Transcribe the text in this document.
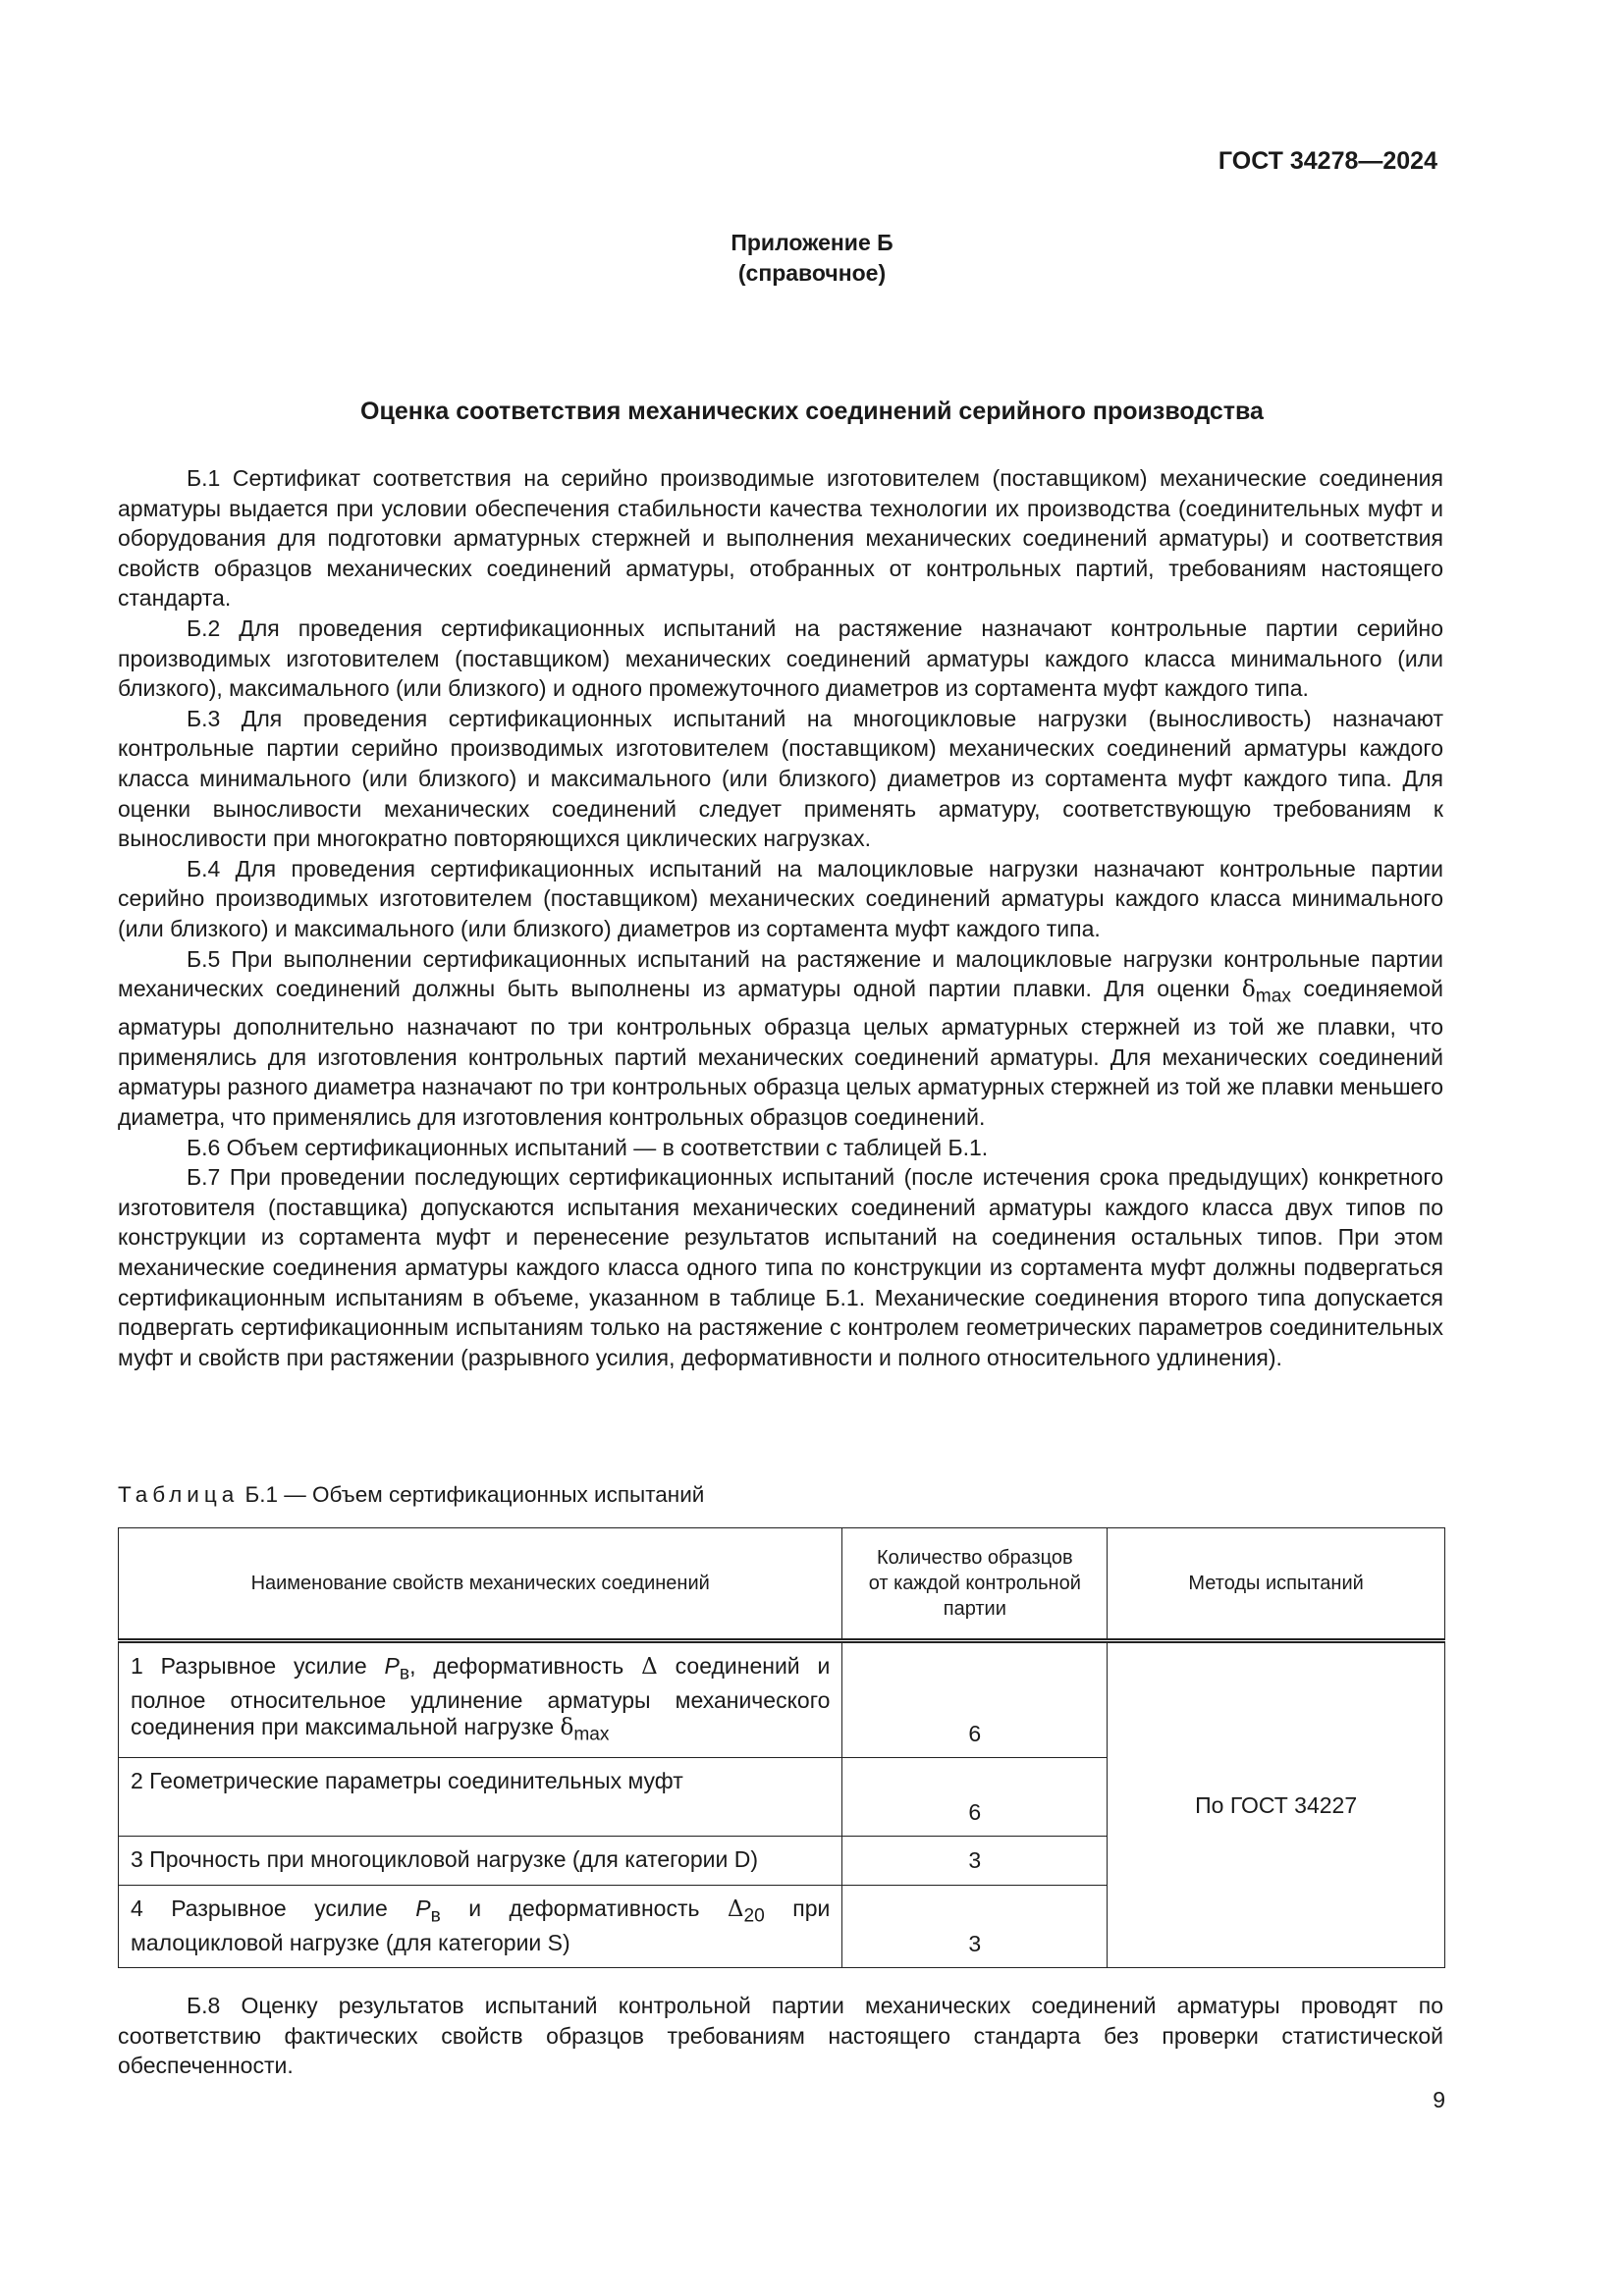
ГОСТ 34278—2024
Приложение Б
(справочное)
Оценка соответствия механических соединений серийного производства

Б.1 Сертификат соответствия на серийно производимые изготовителем (поставщиком) механические соединения арматуры выдается при условии обеспечения стабильности качества технологии их производства (соединительных муфт и оборудования для подготовки арматурных стержней и выполнения механических соединений арматуры) и соответствия свойств образцов механических соединений арматуры, отобранных от контрольных партий, требованиям настоящего стандарта.

Б.2 Для проведения сертификационных испытаний на растяжение назначают контрольные партии серийно производимых изготовителем (поставщиком) механических соединений арматуры каждого класса минимального (или близкого), максимального (или близкого) и одного промежуточного диаметров из сортамента муфт каждого типа.

Б.3 Для проведения сертификационных испытаний на многоцикловые нагрузки (выносливость) назначают контрольные партии серийно производимых изготовителем (поставщиком) механических соединений арматуры каждого класса минимального (или близкого) и максимального (или близкого) диаметров из сортамента муфт каждого типа. Для оценки выносливости механических соединений следует применять арматуру, соответствующую требованиям к выносливости при многократно повторяющихся циклических нагрузках.

Б.4 Для проведения сертификационных испытаний на малоцикловые нагрузки назначают контрольные партии серийно производимых изготовителем (поставщиком) механических соединений арматуры каждого класса минимального (или близкого) и максимального (или близкого) диаметров из сортамента муфт каждого типа.

Б.5 При выполнении сертификационных испытаний на растяжение и малоцикловые нагрузки контрольные партии механических соединений должны быть выполнены из арматуры одной партии плавки. Для оценки $\delta_{max}$ соединяемой арматуры дополнительно назначают по три контрольных образца целых арматурных стержней из той же плавки, что применялись для изготовления контрольных партий механических соединений арматуры. Для механических соединений арматуры разного диаметра назначают по три контрольных образца целых арматурных стержней из той же плавки меньшего диаметра, что применялись для изготовления контрольных образцов соединений.

Б.6 Объем сертификационных испытаний — в соответствии с таблицей Б.1.

Б.7 При проведении последующих сертификационных испытаний (после истечения срока предыдущих) конкретного изготовителя (поставщика) допускаются испытания механических соединений арматуры каждого класса двух типов по конструкции из сортамента муфт и перенесение результатов испытаний на соединения остальных типов. При этом механические соединения арматуры каждого класса одного типа по конструкции из сортамента муфт должны подвергаться сертификационным испытаниям в объеме, указанном в таблице Б.1. Механические соединения второго типа допускается подвергать сертификационным испытаниям только на растяжение с контролем геометрических параметров соединительных муфт и свойств при растяжении (разрывного усилия, деформативности и полного относительного удлинения).

Таблица Б.1 — Объем сертификационных испытаний
Наименование свойств механических соединений	Количество образцов от каждой контрольной партии	Методы испытаний
1 Разрывное усилие $P_в$, деформативность Δ соединений и полное относительное удлинение арматуры механического соединения при максимальной нагрузке $\delta_{max}$	6	По ГОСТ 34227
2 Геометрические параметры соединительных муфт	6	
3 Прочность при многоцикловой нагрузке (для категории D)	3	
4 Разрывное усилие $P_в$ и деформативность $\Delta_{20}$ при малоцикловой нагрузке (для категории S)	3	

Б.8 Оценку результатов испытаний контрольной партии механических соединений арматуры проводят по соответствию фактических свойств образцов требованиям настоящего стандарта без проверки статистической обеспеченности.

9
